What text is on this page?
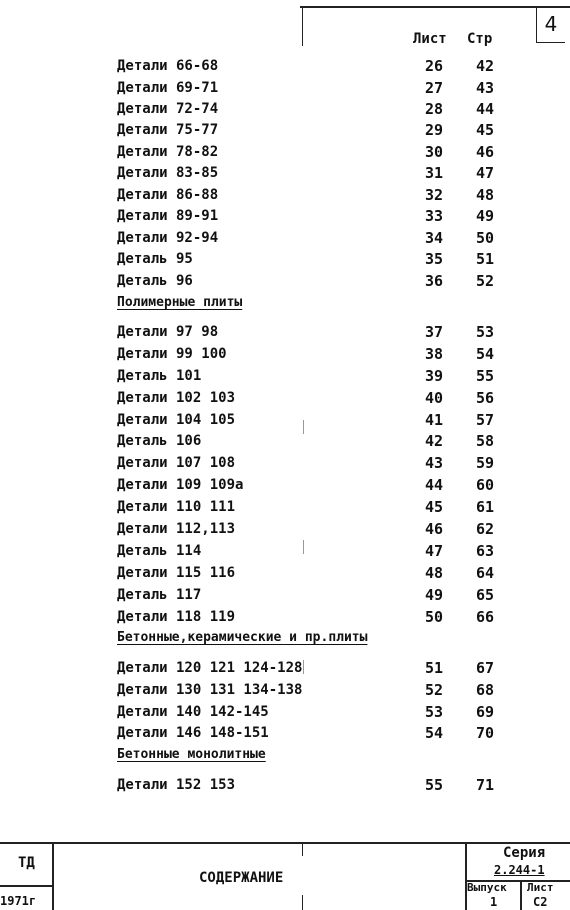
4
Лист Стр
Детали 66-68	26 42
Детали 69-71	27 43
Детали 72-74	28 44
Детали 75-77	29 45
Детали 78-82	30 46
Детали 83-85	31 47
Детали 86-88	32 48
Детали 89-91	33 49
Детали 92-94	34 50
Деталь 95	35 51
Деталь 96	36 52
Детали 97 98	37 53
Детали 99 100	38 54
Деталь 101	39 55
Детали 102 103	40 56
Детали 104 105	41 57
Деталь 106	42 58
Детали 107 108	43 59
Детали 109 109а	44 60
Детали 110 111	45 61
Детали 112,113	46 62
Деталь 114	47 63
Детали 115 116	48 64
Деталь 117	49 65
Детали 118 119	50 66
Детали 120 121 124-128	51 67
Детали 130 131 134-138	52 68
Детали 140 142-145	53 69
Детали 146 148-151	54 70
Детали 152 153	55 71
Полимерные плиты
Бетонные,керамические и пр.плиты
Бетонные монолитные
ТД
1971г
СОДЕРЖАНИЕ
Серия
2.244-1
Выпуск
1
Лист
С2
